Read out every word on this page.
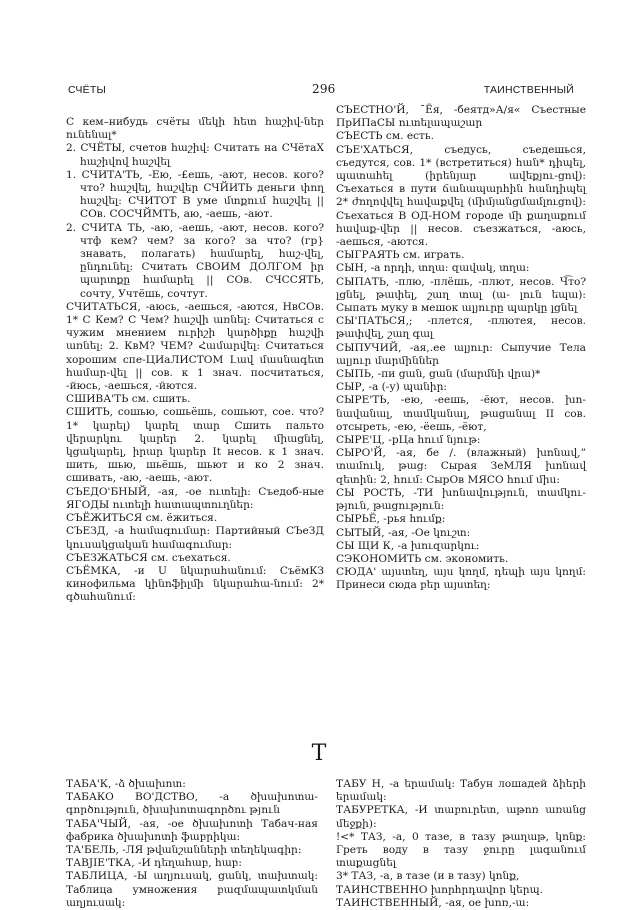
СЧЁТЫ	296	ТАИНСТВЕННЫЙ
С кем–нибудь счёты մեկի հետ հաշիվ-ներ ունենալ*
2. СЧЁТЫ, счетов հաշիվ: Считать на СЧётаХ հաշիվով հաշվել
1. СЧИТА'ТЬ, -Εю, -£ешь, -ают, несов. кого? что? հաշվել, հաշվեր СЧЙИТЬ деньги փող հաշվել: СЧИТОТ В уме մտքում հաշվել || СОв. СОСЧЙМТЬ, аю, -аешь, -ают.
2. СЧИТА ТЬ, -аю, -аешь, -ают, несов. кого? чтф кем? чем? за кого? за что? (гр} знавать, полагать) համարել, հաշ-վել, ընդունել: Считать СВОИМ ДОЛГОМ իր պարտքը համարել || СОв. СЧССЯТЬ, сочту, Учтёшь, сочтут.
СЧИТАТЬСЯ, -аюсь, -аешься, -аются, НвСОв. 1* С Кем? С Чем? հաշվի առնել: Считаться с чужим мнением ուրիշի կարծիքը հաշվի առնել: 2. КвМ? ЧЕМ? Համարվել: Считаться хорошим спе-ЦИаЛИСТОМ Լավ մասնագետ համար-վել || сов. к 1 знач. посчитаться, -йюсь, -аешься, -йются.
СШИВА'ТЬ см. сшить.
СШИТЬ, сошью, сошьёшь, сошьют, сое. что? 1* կարել) կարել տար Сшить пальто վերարկու կարեր 2. կարել միացնել, կցակարել, իրար կարեր It несов. к 1 знач. шить, шью, шьёшь, шьют и ко 2 знач. сшивать, -аю, -аешь, -ают.
СЪЕДО'БНЫЙ, -ая, -ое ուտելի: Съедоб-ные ЯГОДЫ ուտելի հատապտուղներ:
СЪЁЖИТЬСЯ см. ёжиться.
СЪЕЗД, -а համագումար: Партийный СЪеЗД կուսակցական համագումար:
СЪЕЗЖАТЬСЯ см. съехаться.
СЪЁМКА, -и U նկարահանում: СъёмКЗ кинофильма կինոֆիլմի նկարահա-նում: 2* գծահանում:
СЪЕСТНО'Й, ¯Ёя, -беятд»А/я« Съестные ПрИПаСЫ ուտելապաշար
СЪЕСТЬ см. есть.
СЪЕ'ХАТЬСЯ, съедусь, съедешься, съедутся, сов. 1* (встретиться) հան* դիպել, պատահել (իրենյար ավեքյու-ցով): Съехаться в пути ճանապարհին հանդիպել 2* ժողովվել հավաքվել (միմյանցմամլուցով): Съехаться В ОД-НОМ городе մի քաղաքում հավաք-վեր || несов. съезжаться, -аюсь, -аешься, -аются.
СЫГРАЯТЬ см. играть.
СЫН, -а որդի, տղա: զավակ, տղա:
СЫПАТЬ, -плю, -плёшь, -плют, несов. Ч͡то?լցնել, թափել, շաղ տալ (ա‑ լուն եպա): Сыпать муку в мешок ալյուրը պարկը լցնել
СЫ'ПАТЬСЯ,; -плется, -плютея, несов. թափվել, շաղ գալ
СЫПУЧИЙ, -ая,.ее ալյուր: Сыпучие Тела ալյուր մարմիններ
СЫПЬ, -пи ցան, ցան (մարմնի վրա)*
СЫР, -а (-у) պանիր:
СЫРЕ'ТЬ, -ею, -еешь, -ёют, несов. խո-նավանալ, տամկանալ, թացանալ II сов. отсыреть, -ею, -ёешь, -ёют,
СЫРЕ'Ц, -рЦа հում նյութ:
СЫРО'Й, -ая, бе /. (влажный) խոնավ,” տամուկ, թաց: Сырая ЗеМЛЯ խոնավ զետին: 2, հում: СырОв МЯСО հում միս:
СЫ РОСТЬ, -ТИ խոնավություն, տամկու-թյուն, թացություն:
СЫРЬЁ, -рья հումք:
СЫТЫЙ, -ая, -Ое կուշտ:
СЫ ЩИ К, -а խուզարկու:
СЭКОНОМИТЬ см. экономить.
СЮДА' այստեղ, այս կողմ, դեպի այս կողմ: Принеси сюда բեր այստեղ:
Т
ТАБА'К, -ձ ծխախոտ:
ТАБАКО ВО'ДСТВО, -а ծխախոտա-գործություն, ծխախոտագործու թյուն
ТАБА'ЧЫЙ, -ая, -ое ծխախոտի Табач-ная фабрика ծխախոտի ֆաբրիկա:
ТА'БЕЛЬ, -ЛЯ թվանշանների տեղեկագիր:
ТАВJIЕ'ТКА, -И դեղահաբ, հաբ:
ТАБЛИЦА, -Ы աղյուսակ, ցանկ, տախտակ: Таблица умножения բազմապատկման աղյուսակ:
ТАБУ Н, -а երամակ: Табун лошадей ձիերի երամակ:
ТАБУРЕТКА, -И տաբուրետ, աթոռ առանց մեջքի):
!<* ТАЗ, -а, 0 тазе, в тазу թաղաթ, կոնք: Греть воду в тазу ջուրը լագանում տաքացնել
3* ТАЗ, -а, в тазе (и в тазу) կոնք,
ТАИНСТВЕННО խորհրդավոր կերպ.
ТАИНСТВЕННЫЙ, -ая, ое խոռ,-ա:
